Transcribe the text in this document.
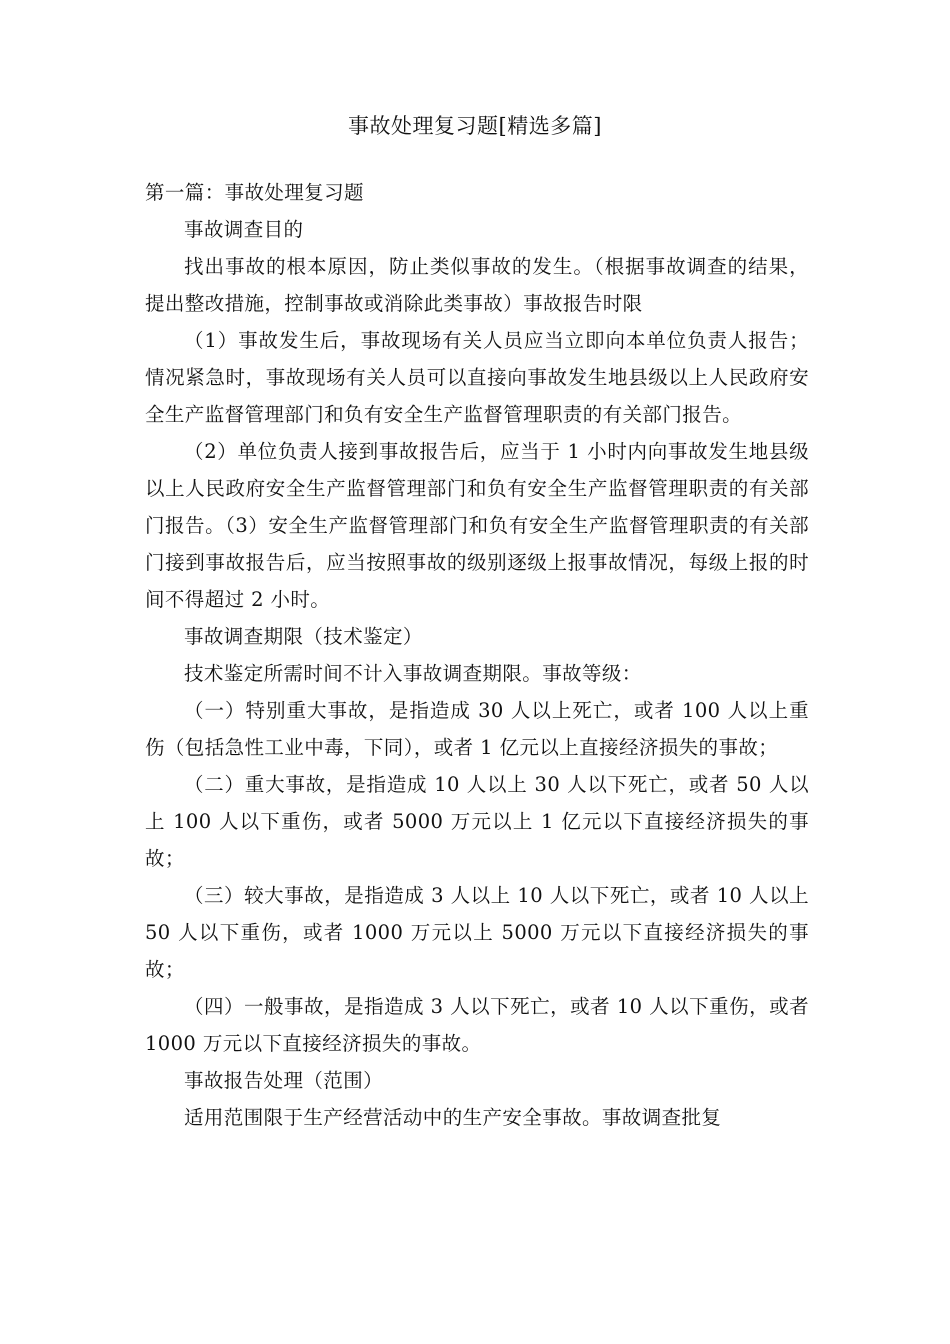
事故处理复习题[精选多篇]

第一篇：事故处理复习题

事故调查目的

找出事故的根本原因，防止类似事故的发生。（根据事故调查的结果，提出整改措施，控制事故或消除此类事故）事故报告时限

（1）事故发生后，事故现场有关人员应当立即向本单位负责人报告；情况紧急时，事故现场有关人员可以直接向事故发生地县级以上人民政府安全生产监督管理部门和负有安全生产监督管理职责的有关部门报告。

（2）单位负责人接到事故报告后，应当于 1 小时内向事故发生地县级以上人民政府安全生产监督管理部门和负有安全生产监督管理职责的有关部门报告。（3）安全生产监督管理部门和负有安全生产监督管理职责的有关部门接到事故报告后，应当按照事故的级别逐级上报事故情况，每级上报的时间不得超过 2 小时。

事故调查期限（技术鉴定）

技术鉴定所需时间不计入事故调查期限。事故等级：

（一）特别重大事故，是指造成 30 人以上死亡，或者 100 人以上重伤（包括急性工业中毒，下同），或者 1 亿元以上直接经济损失的事故；

（二）重大事故，是指造成 10 人以上 30 人以下死亡，或者 50 人以上 100 人以下重伤，或者 5000 万元以上 1 亿元以下直接经济损失的事故；

（三）较大事故，是指造成 3 人以上 10 人以下死亡，或者 10 人以上 50 人以下重伤，或者 1000 万元以上 5000 万元以下直接经济损失的事故；

（四）一般事故，是指造成 3 人以下死亡，或者 10 人以下重伤，或者 1000 万元以下直接经济损失的事故。

事故报告处理（范围）

适用范围限于生产经营活动中的生产安全事故。事故调查批复
